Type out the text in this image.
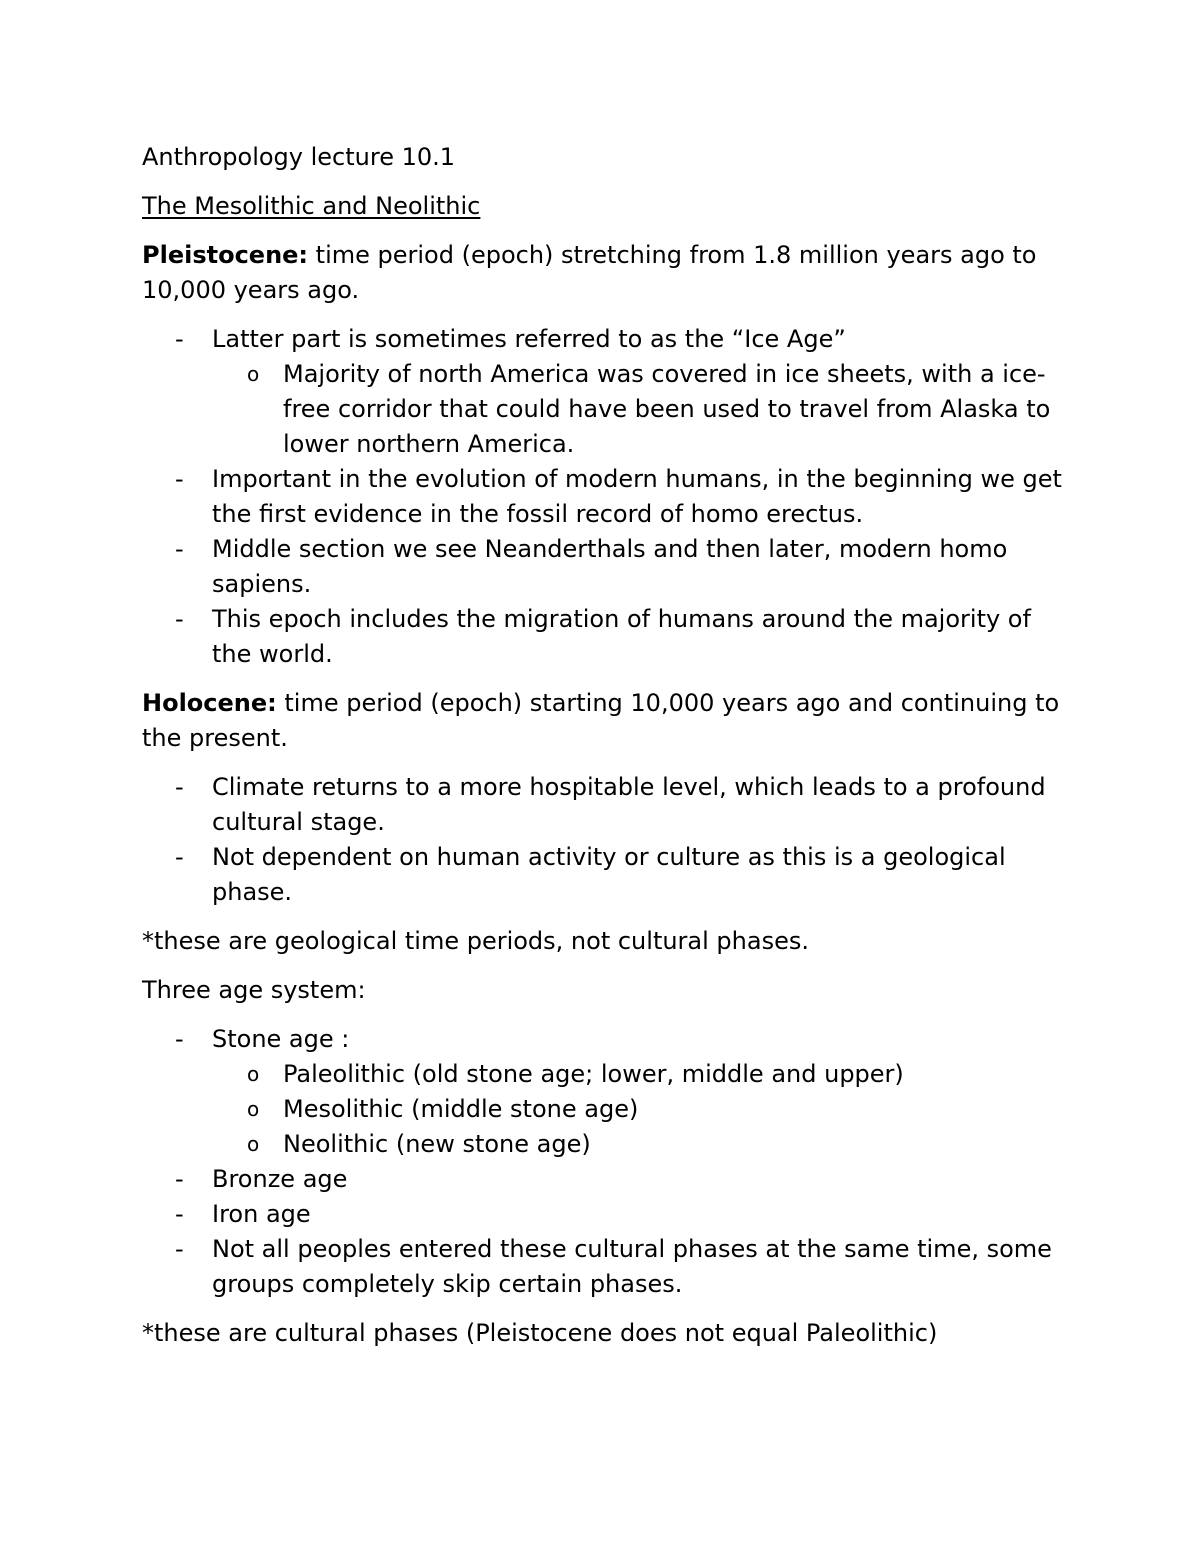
Anthropology lecture 10.1

The Mesolithic and Neolithic

Pleistocene: time period (epoch) stretching from 1.8 million years ago to 10,000 years ago.

- Latter part is sometimes referred to as the “Ice Age”
o Majority of north America was covered in ice sheets, with a ice-free corridor that could have been used to travel from Alaska to lower northern America.
- Important in the evolution of modern humans, in the beginning we get the first evidence in the fossil record of homo erectus.
- Middle section we see Neanderthals and then later, modern homo sapiens.
- This epoch includes the migration of humans around the majority of the world.

Holocene: time period (epoch) starting 10,000 years ago and continuing to the present.

- Climate returns to a more hospitable level, which leads to a profound cultural stage.
- Not dependent on human activity or culture as this is a geological phase.

*these are geological time periods, not cultural phases.

Three age system:

- Stone age :
o Paleolithic (old stone age; lower, middle and upper)
o Mesolithic (middle stone age)
o Neolithic (new stone age)
- Bronze age
- Iron age
- Not all peoples entered these cultural phases at the same time, some groups completely skip certain phases.

*these are cultural phases (Pleistocene does not equal Paleolithic)
